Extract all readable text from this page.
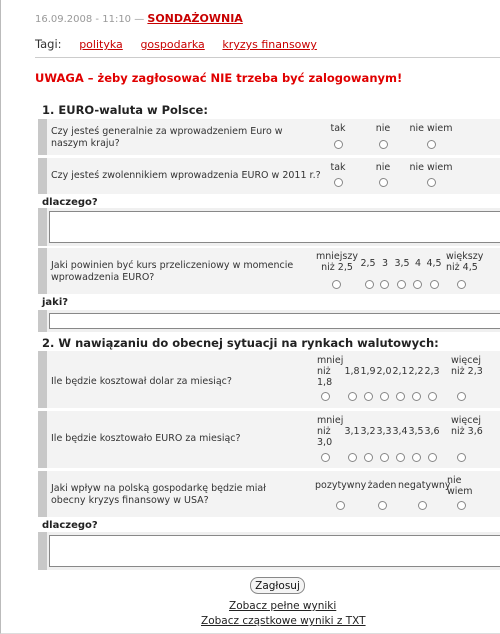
16.09.2008 - 11:10 — SONDAŻOWNIA
Tagi: polityka gospodarka kryzys finansowy
UWAGA – żeby zagłosować NIE trzeba być zalogowanym!
1. EURO-waluta w Polsce:
Czy jesteś generalnie za wprowadzeniem Euro w naszym kraju?
tak	nie	nie wiem
Czy jesteś zwolennikiem wprowadzenia EURO w 2011 r.?
tak	nie	nie wiem
dlaczego?
Jaki powinien być kurs przeliczeniowy w momencie wprowadzenia EURO?
mniejszy niż 2,5 2,5 3 3,5 4 4,5
większy niż 4,5
jaki?
2. W nawiązaniu do obecnej sytuacji na rynkach walutowych:
Ile będzie kosztował dolar za miesiąc?
mniej niż 1,8
1,8 1,9 2,0 2,1 2,2 2,3
więcej niż 2,3
Ile będzie kosztowało EURO za miesiąc?
mniej niż 3,0
3,1 3,2 3,3 3,4 3,5 3,6
więcej niż 3,6
Jaki wpływ na polską gospodarkę będzie miał obecny kryzys finansowy w USA?
pozytywny żaden negatywny
nie wiem
dlaczego?
Zagłosuj
Zobacz pełne wyniki
Zobacz cząstkowe wyniki z TXT
